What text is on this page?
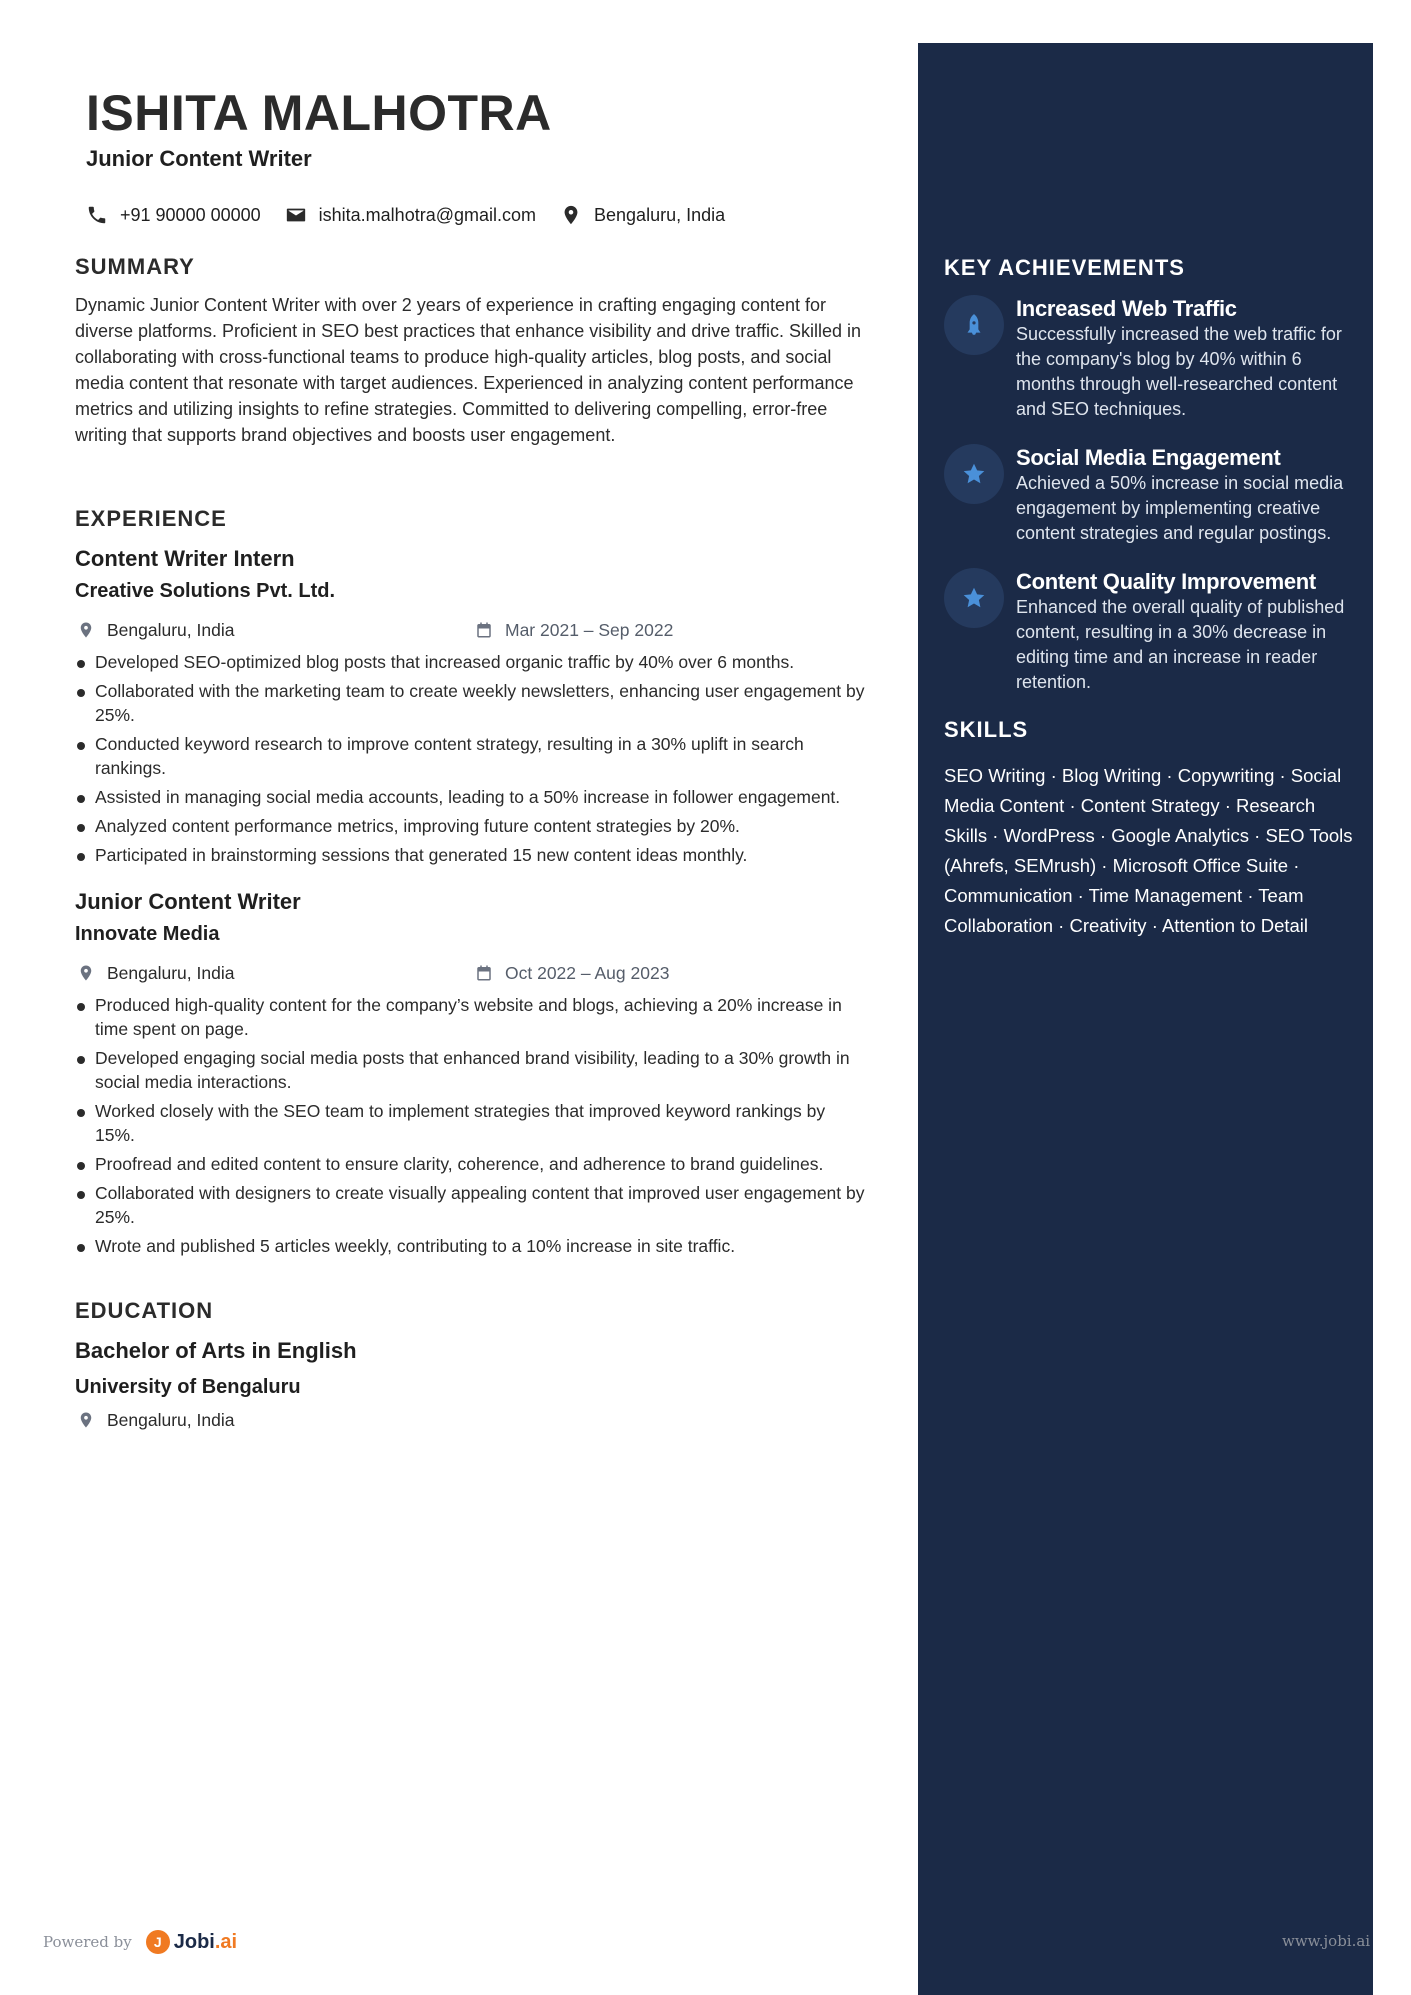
ISHITA MALHOTRA
Junior Content Writer
+91 90000 00000	ishita.malhotra@gmail.com	Bengaluru, India
SUMMARY
Dynamic Junior Content Writer with over 2 years of experience in crafting engaging content for diverse platforms. Proficient in SEO best practices that enhance visibility and drive traffic. Skilled in collaborating with cross-functional teams to produce high-quality articles, blog posts, and social media content that resonate with target audiences. Experienced in analyzing content performance metrics and utilizing insights to refine strategies. Committed to delivering compelling, error-free writing that supports brand objectives and boosts user engagement.
EXPERIENCE
Content Writer Intern
Creative Solutions Pvt. Ltd.
Bengaluru, India	Mar 2021 – Sep 2022
Developed SEO-optimized blog posts that increased organic traffic by 40% over 6 months.
Collaborated with the marketing team to create weekly newsletters, enhancing user engagement by 25%.
Conducted keyword research to improve content strategy, resulting in a 30% uplift in search rankings.
Assisted in managing social media accounts, leading to a 50% increase in follower engagement.
Analyzed content performance metrics, improving future content strategies by 20%.
Participated in brainstorming sessions that generated 15 new content ideas monthly.
Junior Content Writer
Innovate Media
Bengaluru, India	Oct 2022 – Aug 2023
Produced high-quality content for the company’s website and blogs, achieving a 20% increase in time spent on page.
Developed engaging social media posts that enhanced brand visibility, leading to a 30% growth in social media interactions.
Worked closely with the SEO team to implement strategies that improved keyword rankings by 15%.
Proofread and edited content to ensure clarity, coherence, and adherence to brand guidelines.
Collaborated with designers to create visually appealing content that improved user engagement by 25%.
Wrote and published 5 articles weekly, contributing to a 10% increase in site traffic.
EDUCATION
Bachelor of Arts in English
University of Bengaluru
Bengaluru, India
KEY ACHIEVEMENTS
Increased Web Traffic
Successfully increased the web traffic for the company's blog by 40% within 6 months through well-researched content and SEO techniques.
Social Media Engagement
Achieved a 50% increase in social media engagement by implementing creative content strategies and regular postings.
Content Quality Improvement
Enhanced the overall quality of published content, resulting in a 30% decrease in editing time and an increase in reader retention.
SKILLS
SEO Writing · Blog Writing · Copywriting · Social Media Content · Content Strategy · Research Skills · WordPress · Google Analytics · SEO Tools (Ahrefs, SEMrush) · Microsoft Office Suite · Communication · Time Management · Team Collaboration · Creativity · Attention to Detail
Powered by	J Jobi.ai	www.jobi.ai
